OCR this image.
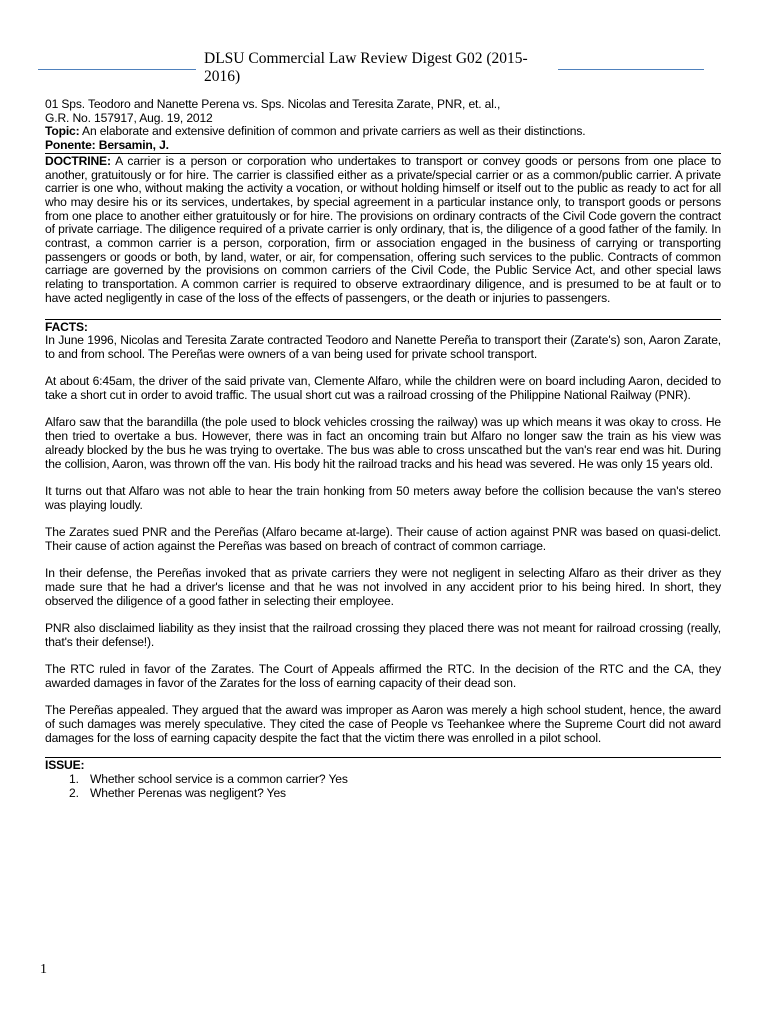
DLSU Commercial Law Review Digest G02 (2015-2016)

01 Sps. Teodoro and Nanette Perena vs. Sps. Nicolas and Teresita Zarate, PNR, et. al.,

G.R. No. 157917, Aug. 19, 2012

Topic: An elaborate and extensive definition of common and private carriers as well as their distinctions.

Ponente: Bersamin, J.

DOCTRINE: A carrier is a person or corporation who undertakes to transport or convey goods or persons from one place to another, gratuitously or for hire. The carrier is classified either as a private/special carrier or as a common/public carrier. A private carrier is one who, without making the activity a vocation, or without holding himself or itself out to the public as ready to act for all who may desire his or its services, undertakes, by special agreement in a particular instance only, to transport goods or persons from one place to another either gratuitously or for hire. The provisions on ordinary contracts of the Civil Code govern the contract of private carriage. The diligence required of a private carrier is only ordinary, that is, the diligence of a good father of the family. In contrast, a common carrier is a person, corporation, firm or association engaged in the business of carrying or transporting passengers or goods or both, by land, water, or air, for compensation, offering such services to the public. Contracts of common carriage are governed by the provisions on common carriers of the Civil Code, the Public Service Act, and other special laws relating to transportation. A common carrier is required to observe extraordinary diligence, and is presumed to be at fault or to have acted negligently in case of the loss of the effects of passengers, or the death or injuries to passengers.

FACTS:

In June 1996, Nicolas and Teresita Zarate contracted Teodoro and Nanette Pereña to transport their (Zarate's) son, Aaron Zarate, to and from school. The Pereñas were owners of a van being used for private school transport.

At about 6:45am, the driver of the said private van, Clemente Alfaro, while the children were on board including Aaron, decided to take a short cut in order to avoid traffic. The usual short cut was a railroad crossing of the Philippine National Railway (PNR).

Alfaro saw that the barandilla (the pole used to block vehicles crossing the railway) was up which means it was okay to cross. He then tried to overtake a bus. However, there was in fact an oncoming train but Alfaro no longer saw the train as his view was already blocked by the bus he was trying to overtake. The bus was able to cross unscathed but the van's rear end was hit. During the collision, Aaron, was thrown off the van. His body hit the railroad tracks and his head was severed. He was only 15 years old.

It turns out that Alfaro was not able to hear the train honking from 50 meters away before the collision because the van's stereo was playing loudly.

The Zarates sued PNR and the Pereñas (Alfaro became at-large). Their cause of action against PNR was based on quasi-delict. Their cause of action against the Pereñas was based on breach of contract of common carriage.

In their defense, the Pereñas invoked that as private carriers they were not negligent in selecting Alfaro as their driver as they made sure that he had a driver's license and that he was not involved in any accident prior to his being hired. In short, they observed the diligence of a good father in selecting their employee.

PNR also disclaimed liability as they insist that the railroad crossing they placed there was not meant for railroad crossing (really, that's their defense!).

The RTC ruled in favor of the Zarates. The Court of Appeals affirmed the RTC. In the decision of the RTC and the CA, they awarded damages in favor of the Zarates for the loss of earning capacity of their dead son.

The Pereñas appealed. They argued that the award was improper as Aaron was merely a high school student, hence, the award of such damages was merely speculative. They cited the case of People vs Teehankee where the Supreme Court did not award damages for the loss of earning capacity despite the fact that the victim there was enrolled in a pilot school.

ISSUE:
1. Whether school service is a common carrier? Yes
2. Whether Perenas was negligent? Yes
1
